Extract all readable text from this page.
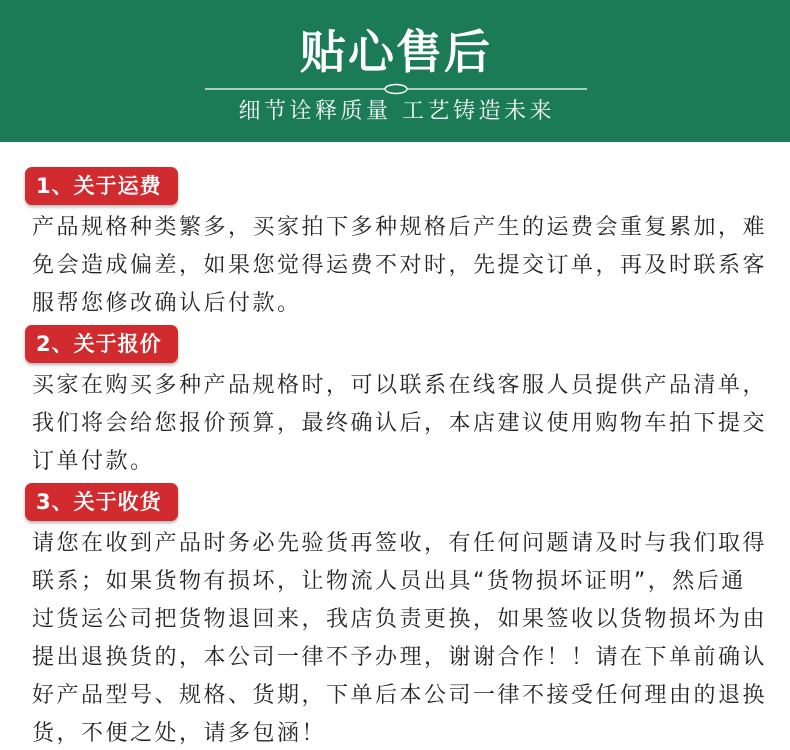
贴心售后
细节诠释质量 工艺铸造未来
1、关于运费
产品规格种类繁多，买家拍下多种规格后产生的运费会重复累加，难
免会造成偏差，如果您觉得运费不对时，先提交订单，再及时联系客
服帮您修改确认后付款。
2、关于报价
买家在购买多种产品规格时，可以联系在线客服人员提供产品清单，
我们将会给您报价预算，最终确认后，本店建议使用购物车拍下提交
订单付款。
3、关于收货
请您在收到产品时务必先验货再签收，有任何问题请及时与我们取得
联系；如果货物有损坏，让物流人员出具“货物损坏证明”，然后通
过货运公司把货物退回来，我店负责更换，如果签收以货物损坏为由
提出退换货的，本公司一律不予办理，谢谢合作！！请在下单前确认
好产品型号、规格、货期，下单后本公司一律不接受任何理由的退换
货，不便之处，请多包涵！
